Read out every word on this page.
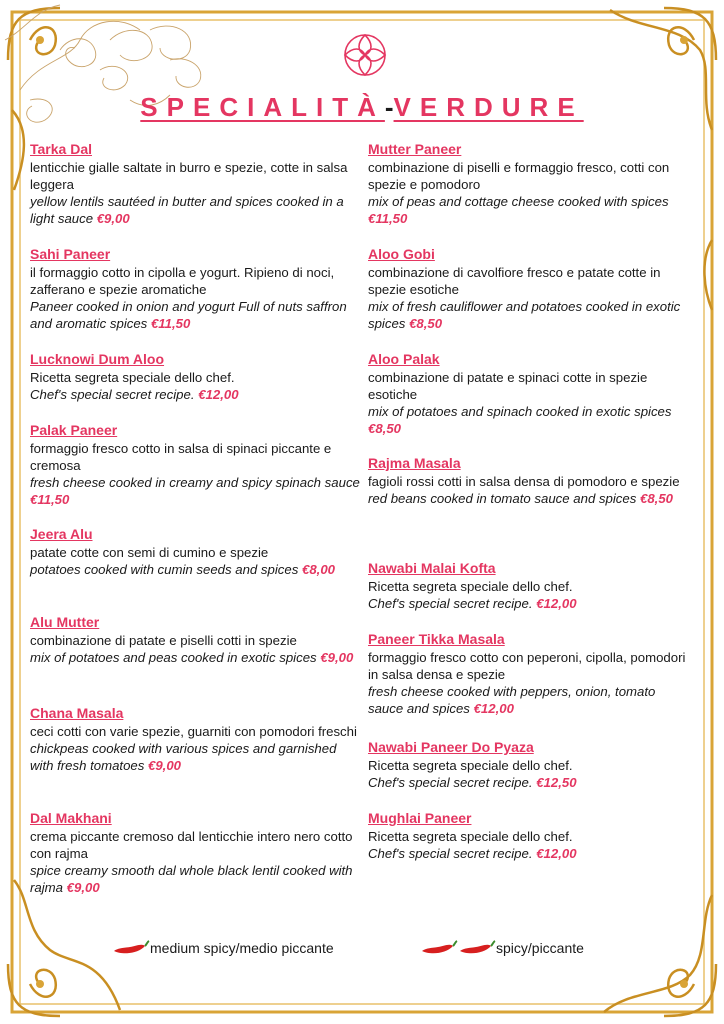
SPECIALITÀ-VERDURE
Tarka Dal
lenticchie gialle saltate in burro e spezie, cotte in salsa leggera
yellow lentils sautéed in butter and spices cooked in a light sauce €9,00
Sahi Paneer
il formaggio cotto in cipolla e yogurt. Ripieno di noci, zafferano e spezie aromatiche
Paneer cooked in onion and yogurt Full of nuts saffron and aromatic spices €11,50
Lucknowi Dum Aloo
Ricetta segreta speciale dello chef.
Chef's special secret recipe. €12,00
Palak Paneer
formaggio fresco cotto in salsa di spinaci piccante e cremosa
fresh cheese cooked in creamy and spicy spinach sauce €11,50
Jeera Alu
patate cotte con semi di cumino e spezie
potatoes cooked with cumin seeds and spices €8,00
Alu Mutter
combinazione di patate e piselli cotti in spezie
mix of potatoes and peas cooked in exotic spices €9,00
Chana Masala
ceci cotti con varie spezie, guarniti con pomodori freschi
chickpeas cooked with various spices and garnished with fresh tomatoes €9,00
Dal Makhani
crema piccante cremoso dal lenticchie intero nero cotto con rajma
spice creamy smooth dal whole black lentil cooked with rajma €9,00
Mutter Paneer
combinazione di piselli e formaggio fresco, cotti con spezie e pomodoro
mix of peas and cottage cheese cooked with spices €11,50
Aloo Gobi
combinazione di cavolfiore fresco e patate cotte in spezie esotiche
mix of fresh cauliflower and potatoes cooked in exotic spices €8,50
Aloo Palak
combinazione di patate e spinaci cotte in spezie esotiche
mix of potatoes and spinach cooked in exotic spices €8,50
Rajma Masala
fagioli rossi cotti in salsa densa di pomodoro e spezie
red beans cooked in tomato sauce and spices €8,50
Nawabi Malai Kofta
Ricetta segreta speciale dello chef.
Chef's special secret recipe. €12,00
Paneer Tikka Masala
formaggio fresco cotto con peperoni, cipolla, pomodori in salsa densa e spezie
fresh cheese cooked with peppers, onion, tomato sauce and spices €12,00
Nawabi Paneer Do Pyaza
Ricetta segreta speciale dello chef.
Chef's special secret recipe. €12,50
Mughlai Paneer
Ricetta segreta speciale dello chef.
Chef's special secret recipe. €12,00
medium spicy/medio piccante	spicy/piccante
